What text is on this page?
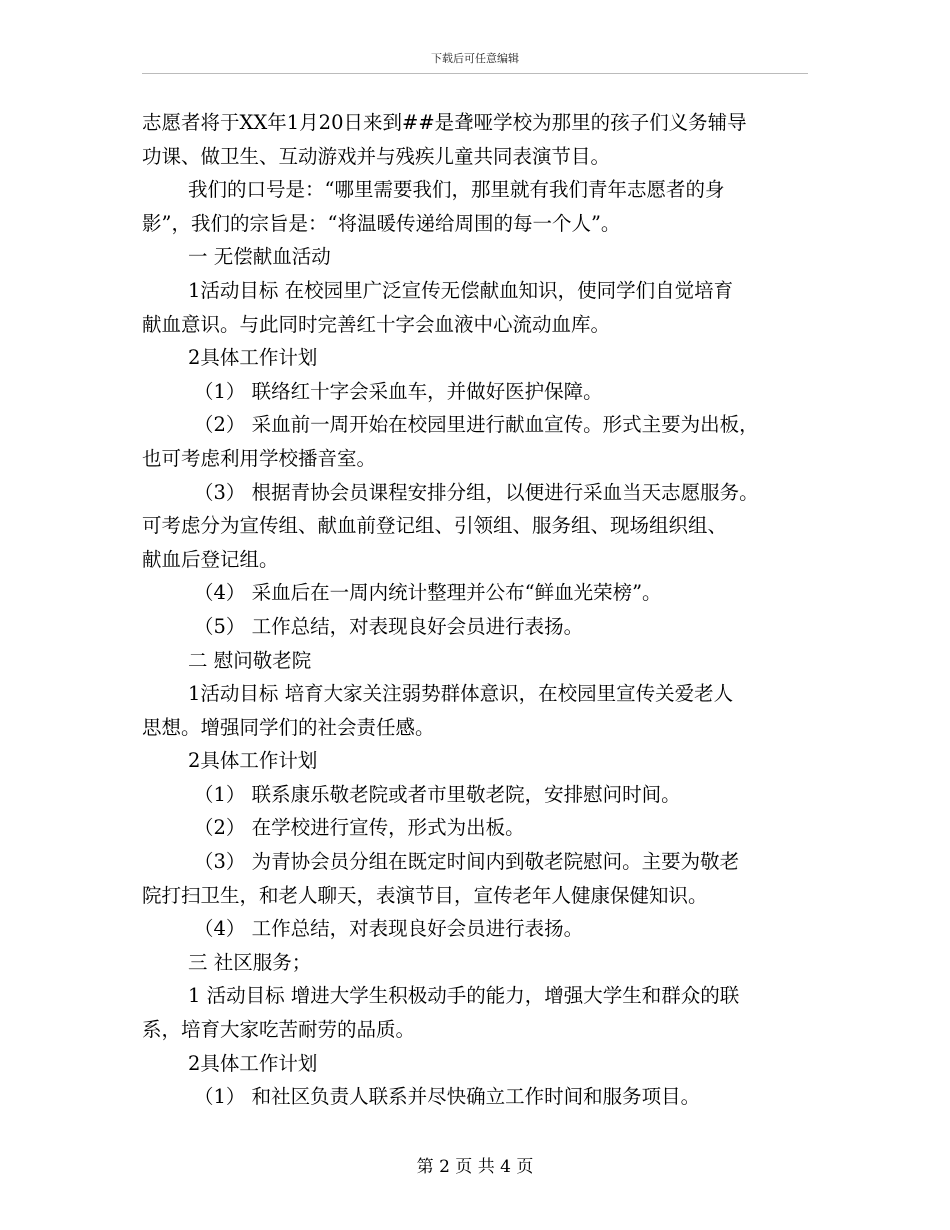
下载后可任意编辑

志愿者将于XX年1月20日来到##是聋哑学校为那里的孩子们义务辅导

功课、做卫生、互动游戏并与残疾儿童共同表演节目。

我们的口号是：“哪里需要我们，那里就有我们青年志愿者的身

影”，我们的宗旨是：“将温暖传递给周围的每一个人”。

一 无偿献血活动

1活动目标 在校园里广泛宣传无偿献血知识，使同学们自觉培育

献血意识。与此同时完善红十字会血液中心流动血库。

2具体工作计划

（1） 联络红十字会采血车，并做好医护保障。

（2） 采血前一周开始在校园里进行献血宣传。形式主要为出板，

也可考虑利用学校播音室。

（3） 根据青协会员课程安排分组，以便进行采血当天志愿服务。

可考虑分为宣传组、献血前登记组、引领组、服务组、现场组织组、

献血后登记组。

（4） 采血后在一周内统计整理并公布“鲜血光荣榜”。

（5） 工作总结，对表现良好会员进行表扬。

二 慰问敬老院

1活动目标 培育大家关注弱势群体意识，在校园里宣传关爱老人

思想。增强同学们的社会责任感。

2具体工作计划

（1） 联系康乐敬老院或者市里敬老院，安排慰问时间。

（2） 在学校进行宣传，形式为出板。

（3） 为青协会员分组在既定时间内到敬老院慰问。主要为敬老

院打扫卫生，和老人聊天，表演节目，宣传老年人健康保健知识。

（4） 工作总结，对表现良好会员进行表扬。

三 社区服务；

1 活动目标 增进大学生积极动手的能力，增强大学生和群众的联

系，培育大家吃苦耐劳的品质。

2具体工作计划

（1） 和社区负责人联系并尽快确立工作时间和服务项目。

第 2 页 共 4 页
